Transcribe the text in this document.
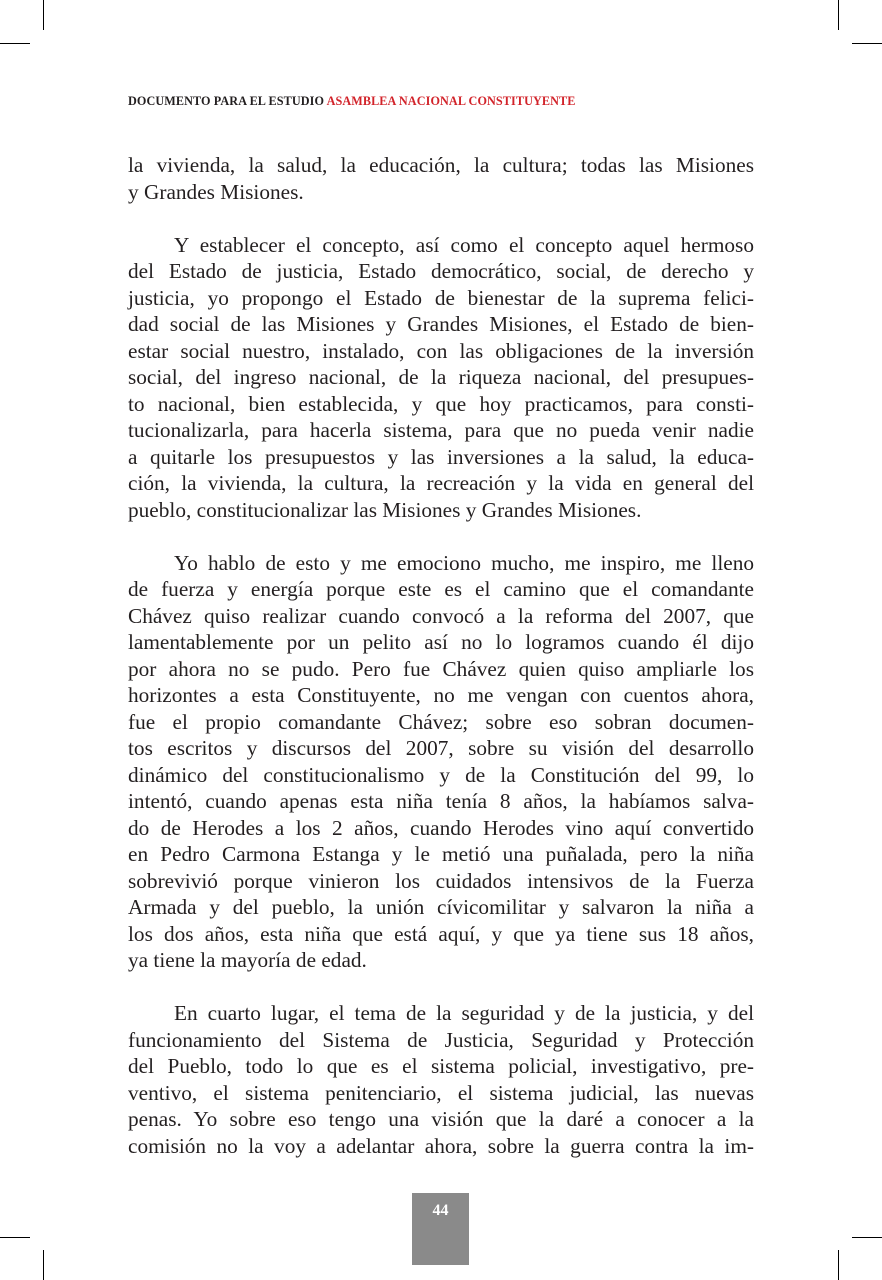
DOCUMENTO PARA EL ESTUDIO ASAMBLEA NACIONAL CONSTITUYENTE
la vivienda, la salud, la educación, la cultura; todas las Misiones
y Grandes Misiones.
Y establecer el concepto, así como el concepto aquel hermoso
del Estado de justicia, Estado democrático, social, de derecho y
justicia, yo propongo el Estado de bienestar de la suprema felici-
dad social de las Misiones y Grandes Misiones, el Estado de bien-
estar social nuestro, instalado, con las obligaciones de la inversión
social, del ingreso nacional, de la riqueza nacional, del presupues-
to nacional, bien establecida, y que hoy practicamos, para consti-
tucionalizarla, para hacerla sistema, para que no pueda venir nadie
a quitarle los presupuestos y las inversiones a la salud, la educa-
ción, la vivienda, la cultura, la recreación y la vida en general del
pueblo, constitucionalizar las Misiones y Grandes Misiones.
Yo hablo de esto y me emociono mucho, me inspiro, me lleno
de fuerza y energía porque este es el camino que el comandante
Chávez quiso realizar cuando convocó a la reforma del 2007, que
lamentablemente por un pelito así no lo logramos cuando él dijo
por ahora no se pudo. Pero fue Chávez quien quiso ampliarle los
horizontes a esta Constituyente, no me vengan con cuentos ahora,
fue el propio comandante Chávez; sobre eso sobran documen-
tos escritos y discursos del 2007, sobre su visión del desarrollo
dinámico del constitucionalismo y de la Constitución del 99, lo
intentó, cuando apenas esta niña tenía 8 años, la habíamos salva-
do de Herodes a los 2 años, cuando Herodes vino aquí convertido
en Pedro Carmona Estanga y le metió una puñalada, pero la niña
sobrevivió porque vinieron los cuidados intensivos de la Fuerza
Armada y del pueblo, la unión cívicomilitar y salvaron la niña a
los dos años, esta niña que está aquí, y que ya tiene sus 18 años,
ya tiene la mayoría de edad.
En cuarto lugar, el tema de la seguridad y de la justicia, y del
funcionamiento del Sistema de Justicia, Seguridad y Protección
del Pueblo, todo lo que es el sistema policial, investigativo, pre-
ventivo, el sistema penitenciario, el sistema judicial, las nuevas
penas. Yo sobre eso tengo una visión que la daré a conocer a la
comisión no la voy a adelantar ahora, sobre la guerra contra la im-
44
